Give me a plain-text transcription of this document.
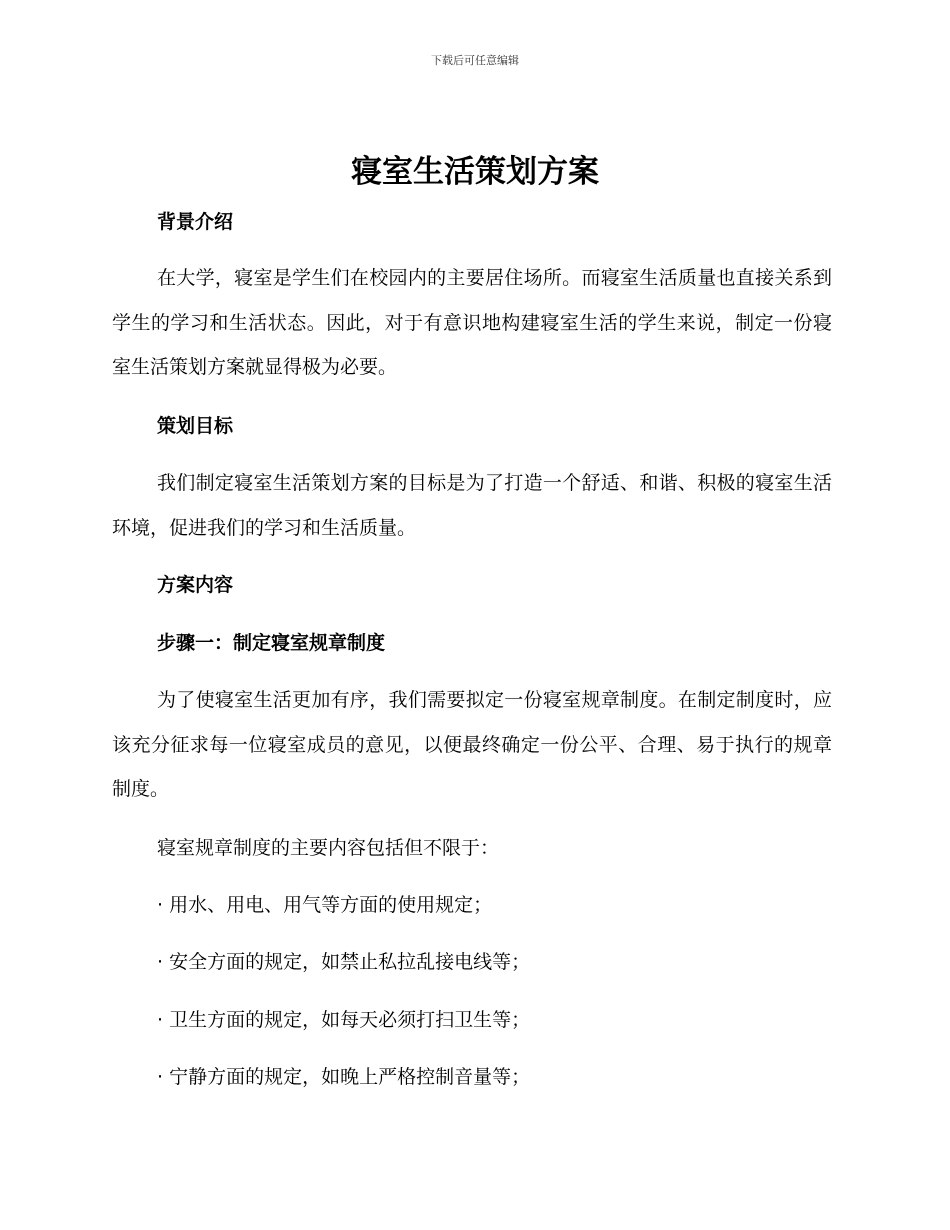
下载后可任意编辑
寝室生活策划方案
背景介绍

在大学，寝室是学生们在校园内的主要居住场所。而寝室生活质量也直接关系到学生的学习和生活状态。因此，对于有意识地构建寝室生活的学生来说，制定一份寝室生活策划方案就显得极为必要。

策划目标

我们制定寝室生活策划方案的目标是为了打造一个舒适、和谐、积极的寝室生活环境，促进我们的学习和生活质量。

方案内容
步骤一：制定寝室规章制度

为了使寝室生活更加有序，我们需要拟定一份寝室规章制度。在制定制度时，应该充分征求每一位寝室成员的意见，以便最终确定一份公平、合理、易于执行的规章制度。

寝室规章制度的主要内容包括但不限于：

· 用水、用电、用气等方面的使用规定；

· 安全方面的规定，如禁止私拉乱接电线等；

· 卫生方面的规定，如每天必须打扫卫生等；

· 宁静方面的规定，如晚上严格控制音量等；
